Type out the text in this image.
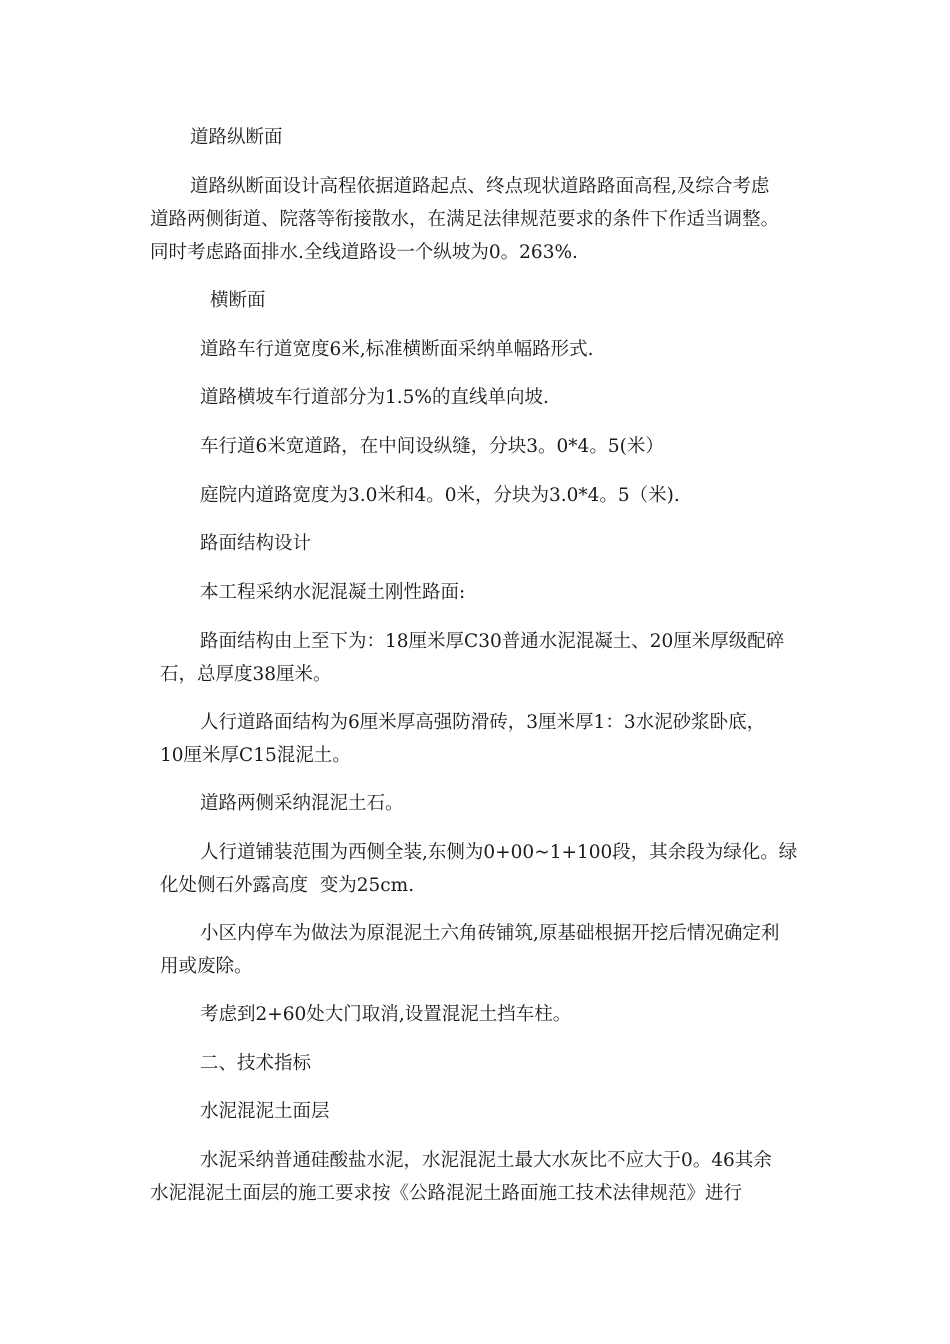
道路纵断面

道路纵断面设计高程依据道路起点、终点现状道路路面高程,及综合考虑

道路两侧街道、院落等衔接散水，在满足法律规范要求的条件下作适当调整。

同时考虑路面排水.全线道路设一个纵坡为0。263%.

横断面

道路车行道宽度6米,标准横断面采纳单幅路形式.

道路横坡车行道部分为1.5%的直线单向坡.

车行道6米宽道路，在中间设纵缝，分块3。0*4。5(米）

庭院内道路宽度为3.0米和4。0米，分块为3.0*4。5（米).

路面结构设计

本工程采纳水泥混凝土刚性路面:

路面结构由上至下为：18厘米厚C30普通水泥混凝土、20厘米厚级配碎

石，总厚度38厘米。

人行道路面结构为6厘米厚高强防滑砖，3厘米厚1：3水泥砂浆卧底，

10厘米厚C15混泥土。

道路两侧采纳混泥土石。

人行道铺装范围为西侧全装,东侧为0+00~1+100段，其余段为绿化。绿

化处侧石外露高度  变为25cm.

小区内停车为做法为原混泥土六角砖铺筑,原基础根据开挖后情况确定利

用或废除。

考虑到2+60处大门取消,设置混泥土挡车柱。

二、技术指标

水泥混泥土面层

水泥采纳普通硅酸盐水泥，水泥混泥土最大水灰比不应大于0。46其余

水泥混泥土面层的施工要求按《公路混泥土路面施工技术法律规范》进行
